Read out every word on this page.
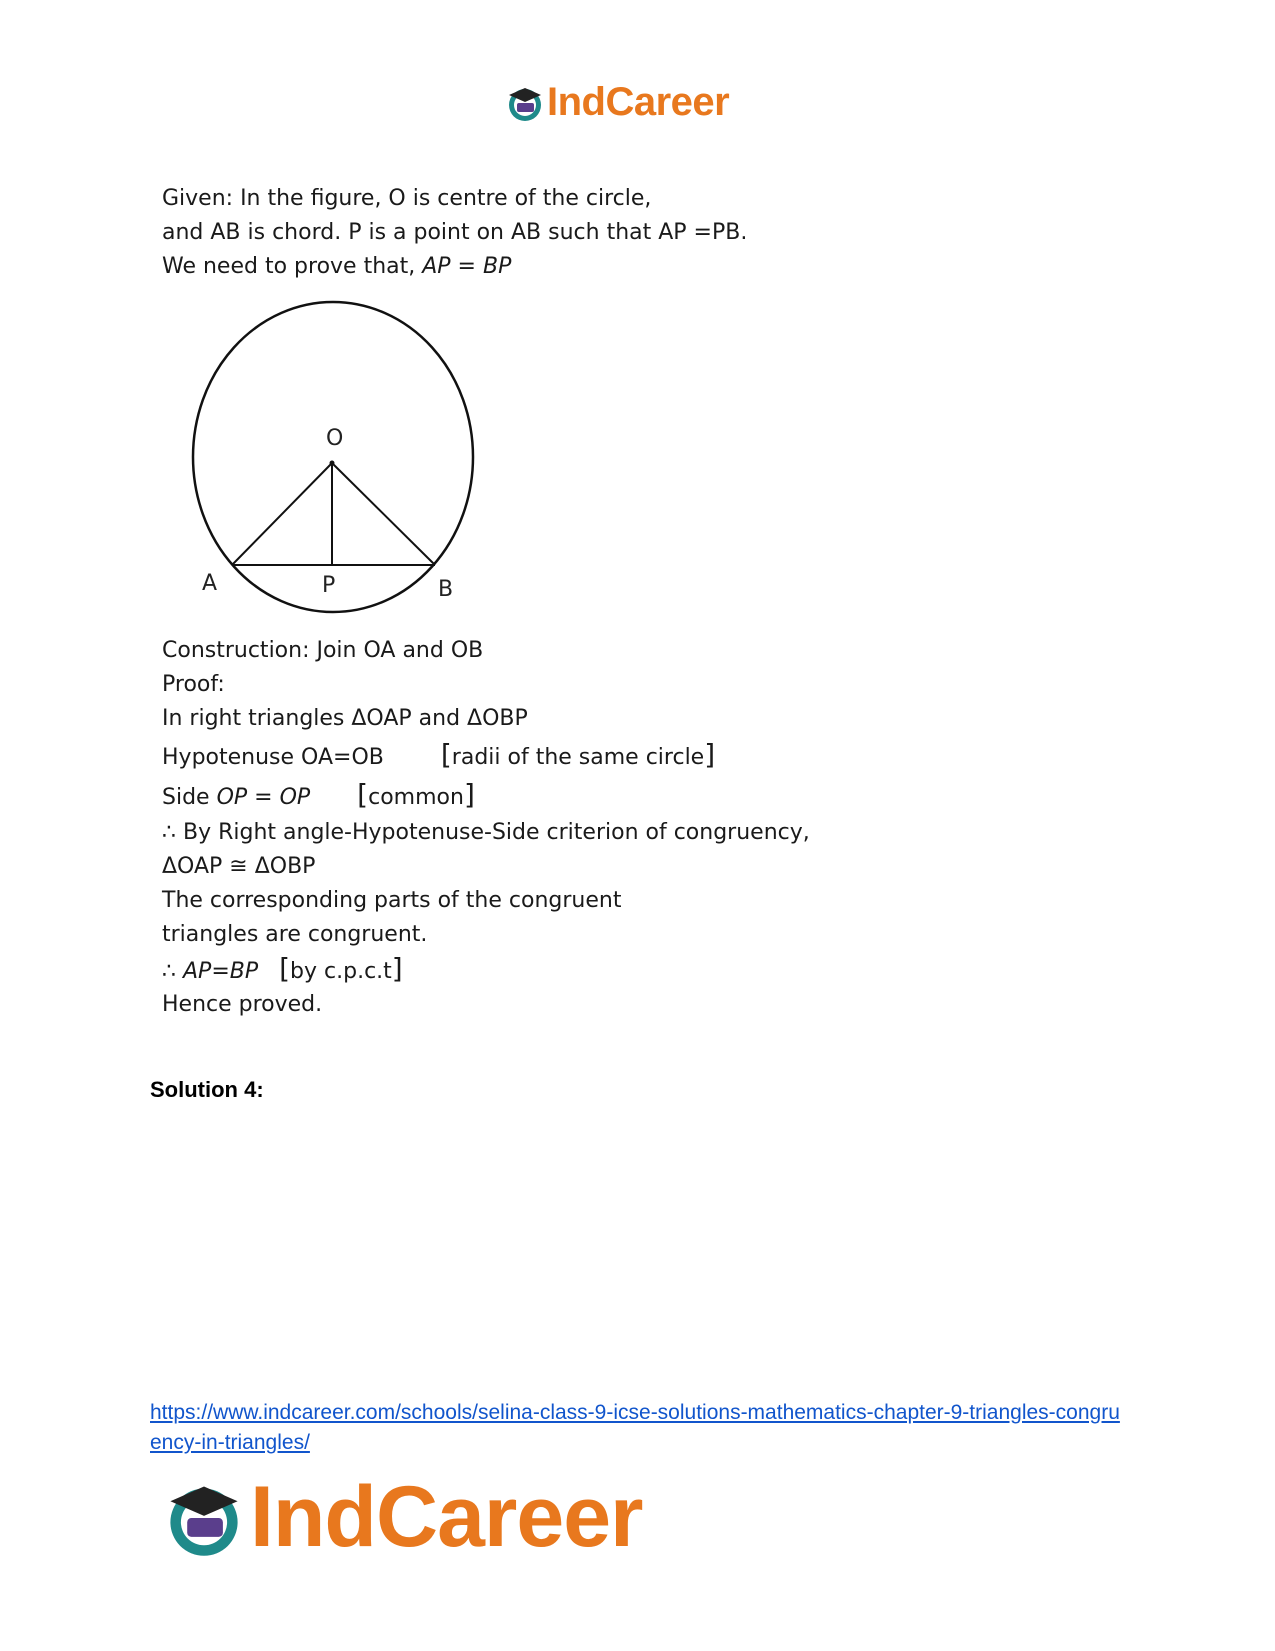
IndCareer
Given: In the figure, O is centre of the circle,
and AB is chord. P is a point on AB such that AP =PB.
We need to prove that, AP = BP
Construction: Join OA and OB
Proof:
In right triangles ΔOAP and ΔOBP
Hypotenuse OA=OB [radii of the same circle]
Side OP = OP [common]
∴ By Right angle-Hypotenuse-Side criterion of congruency,
ΔOAP ≅ ΔOBP
The corresponding parts of the congruent
triangles are congruent.
∴ AP=BP [by c.p.c.t]
Hence proved.
O
A	P	B
Solution 4:
https://www.indcareer.com/schools/selina-class-9-icse-solutions-mathematics-chapter-9-triangles-congruency-in-triangles/
IndCareer
